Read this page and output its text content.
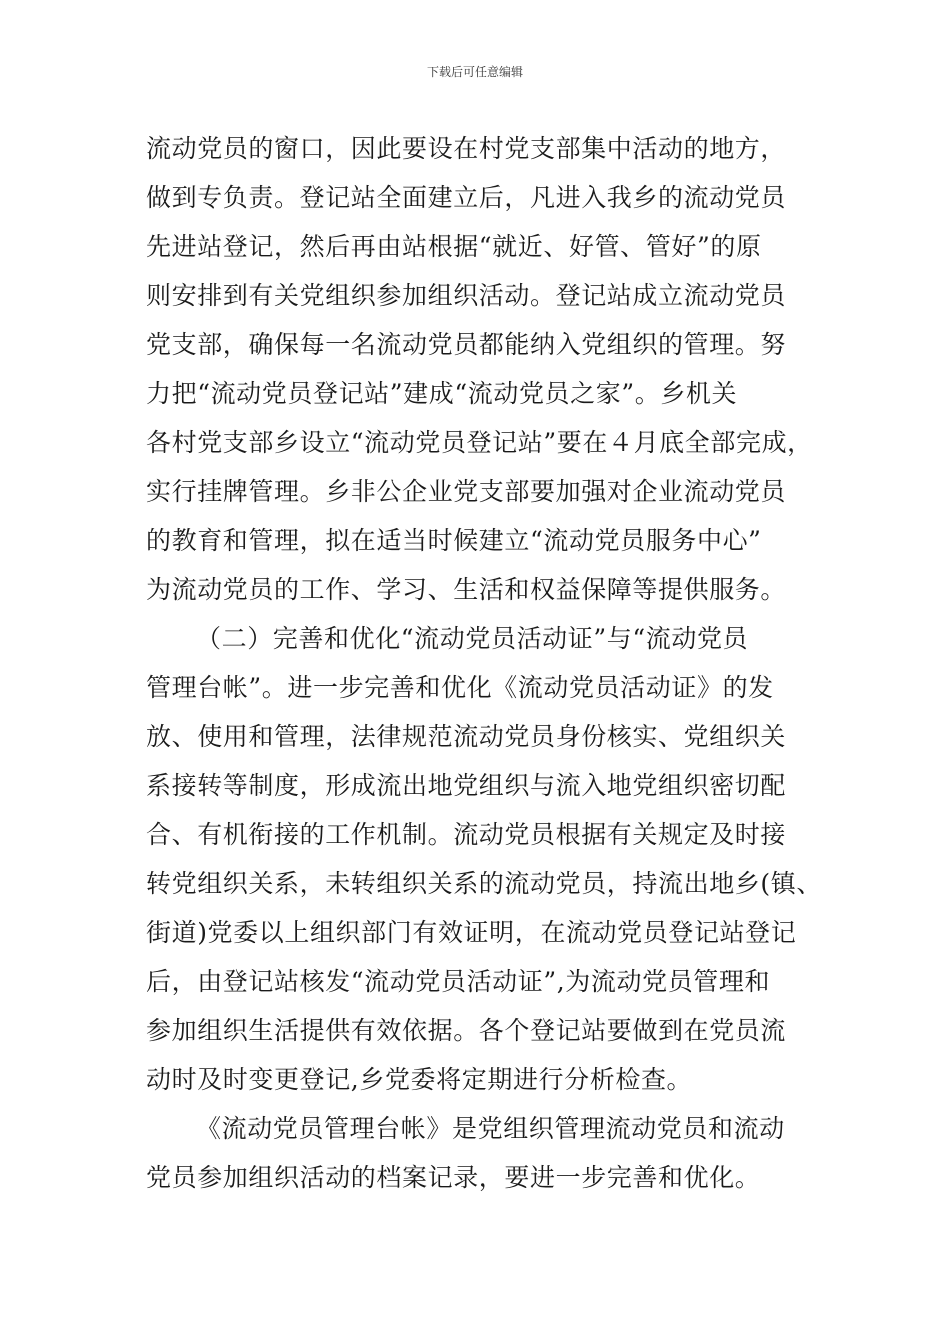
下载后可任意编辑
流动党员的窗口，因此要设在村党支部集中活动的地方，
做到专负责。登记站全面建立后，凡进入我乡的流动党员
先进站登记，然后再由站根据“就近、好管、管好”的原
则安排到有关党组织参加组织活动。登记站成立流动党员
党支部，确保每一名流动党员都能纳入党组织的管理。努
力把“流动党员登记站”建成“流动党员之家”。乡机关
各村党支部乡设立“流动党员登记站”要在４月底全部完成，
实行挂牌管理。乡非公企业党支部要加强对企业流动党员
的教育和管理，拟在适当时候建立“流动党员服务中心”
为流动党员的工作、学习、生活和权益保障等提供服务。
（二）完善和优化“流动党员活动证”与“流动党员
管理台帐”。进一步完善和优化《流动党员活动证》的发
放、使用和管理，法律规范流动党员身份核实、党组织关
系接转等制度，形成流出地党组织与流入地党组织密切配
合、有机衔接的工作机制。流动党员根据有关规定及时接
转党组织关系，未转组织关系的流动党员，持流出地乡(镇、
街道)党委以上组织部门有效证明，在流动党员登记站登记
后，由登记站核发“流动党员活动证”,为流动党员管理和
参加组织生活提供有效依据。各个登记站要做到在党员流
动时及时变更登记,乡党委将定期进行分析检查。
《流动党员管理台帐》是党组织管理流动党员和流动
党员参加组织活动的档案记录，要进一步完善和优化。
